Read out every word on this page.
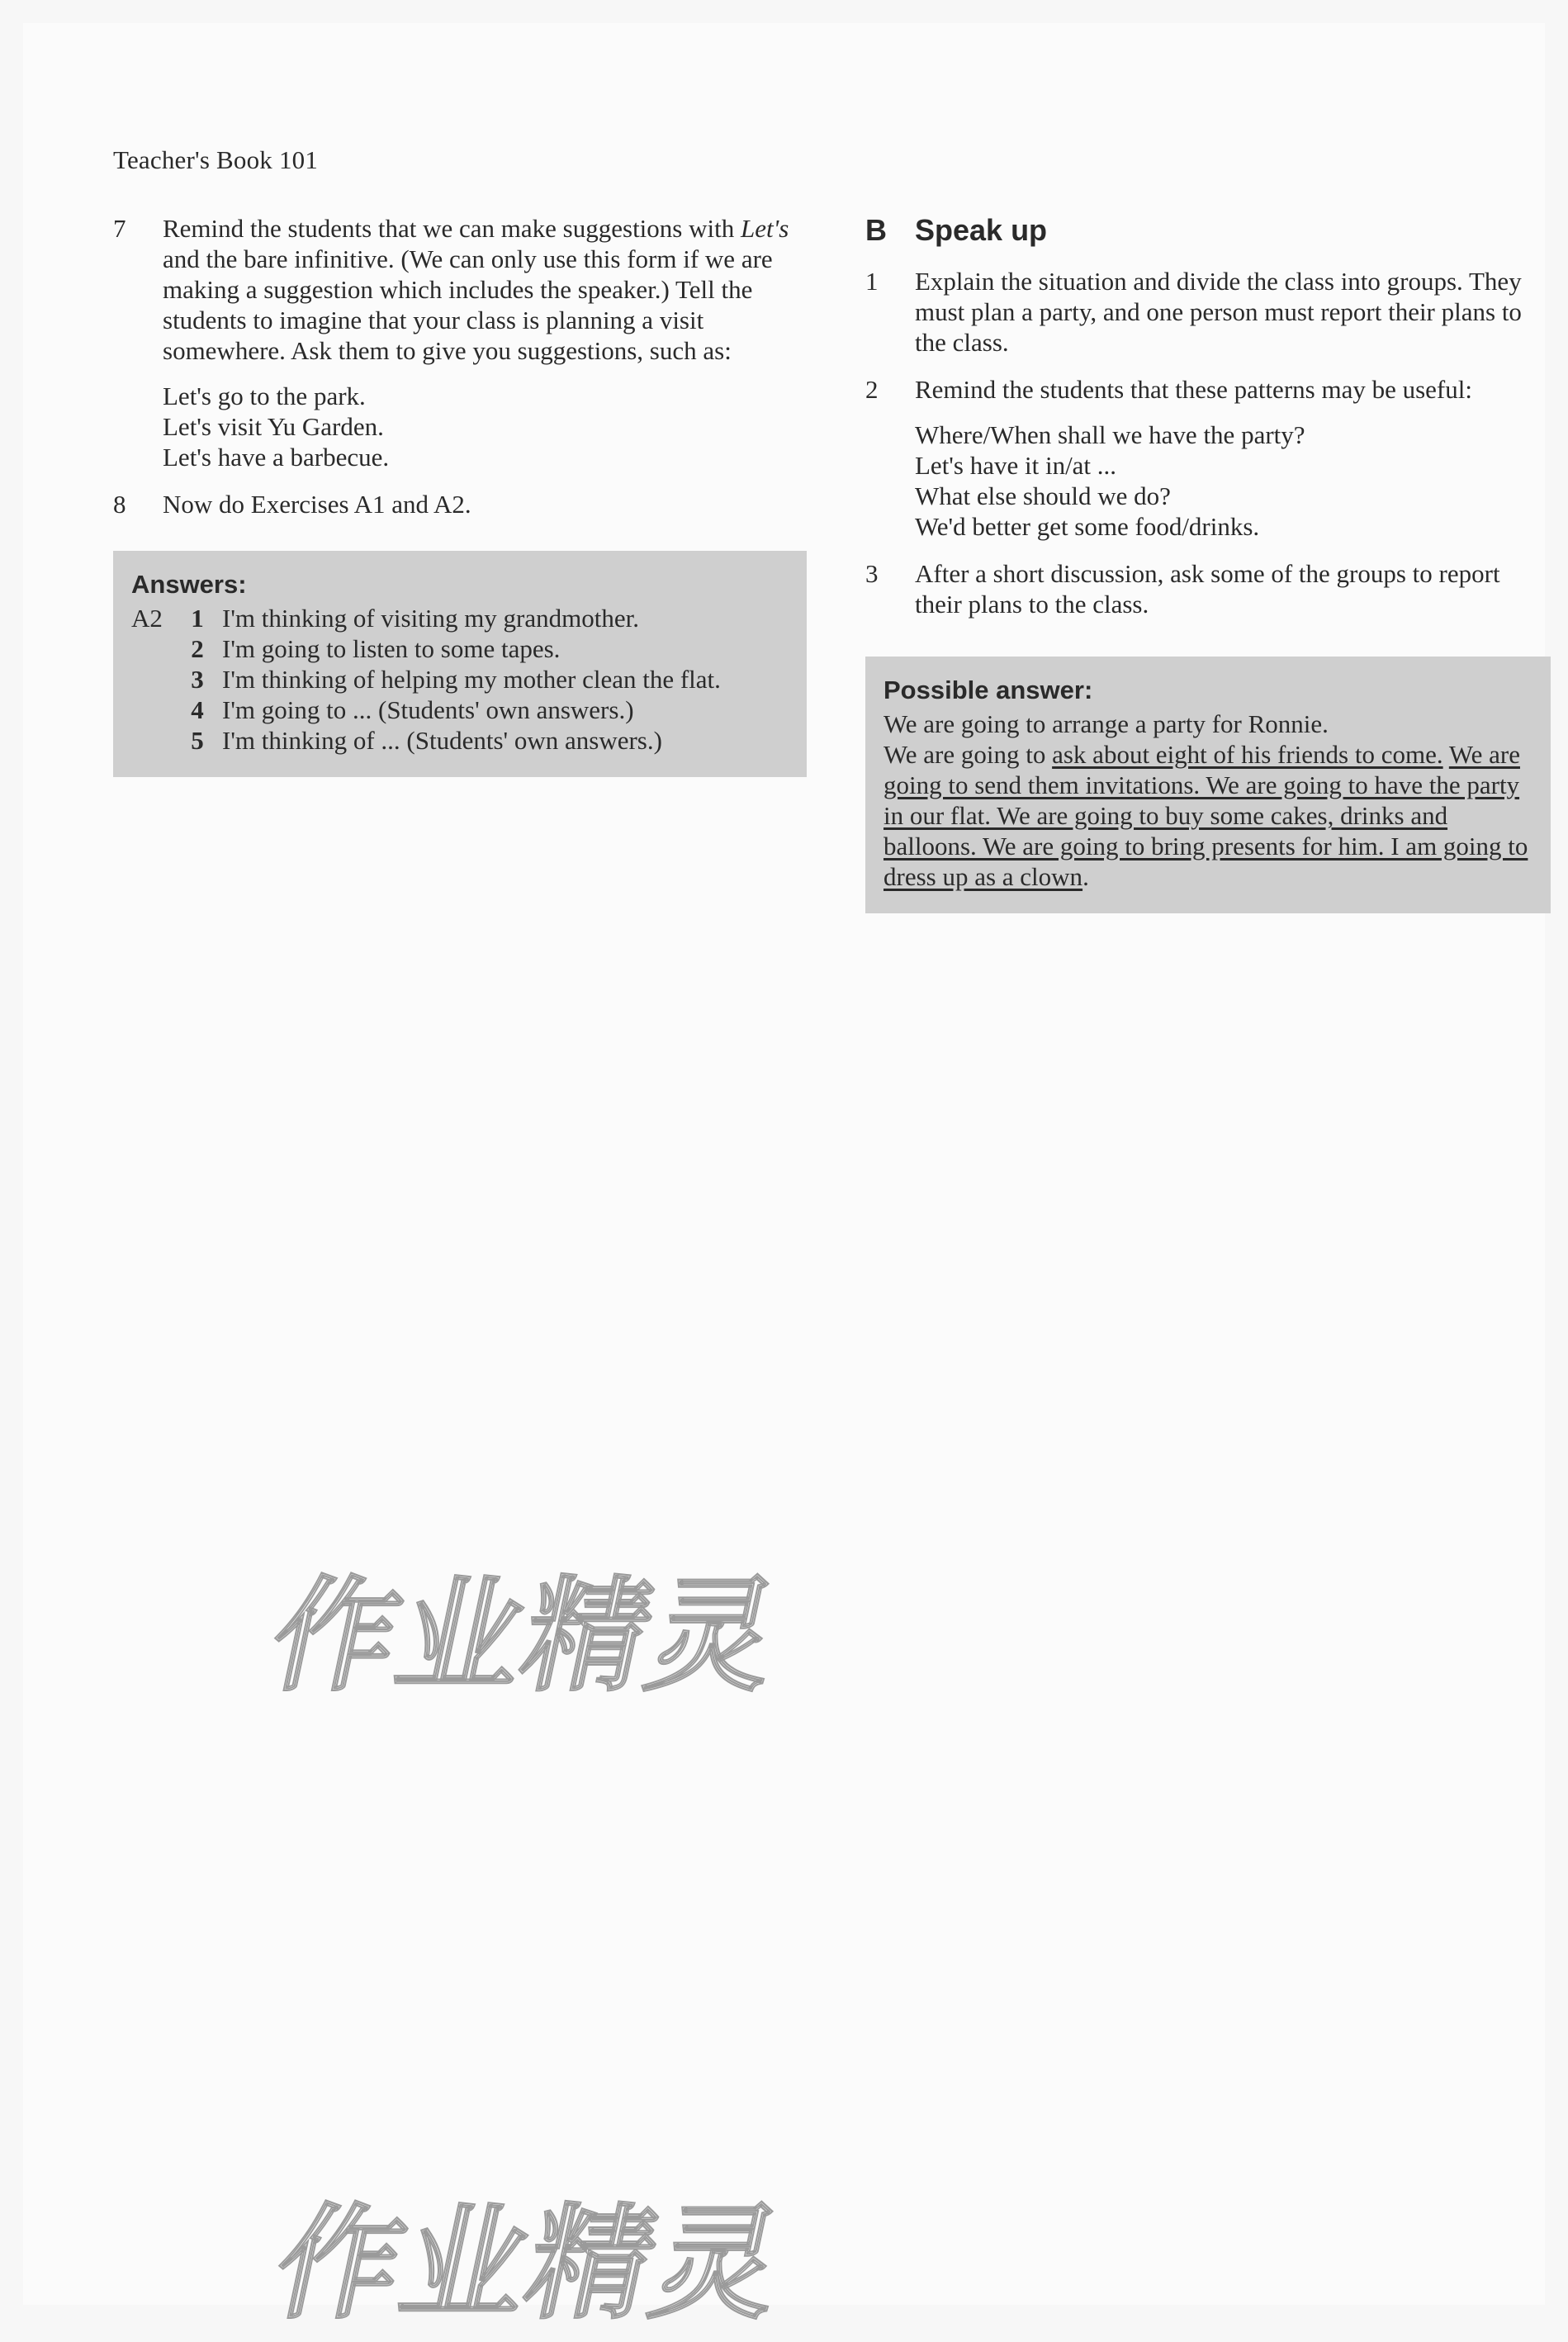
Teacher's Book 101
7	Remind the students that we can make suggestions with Let's and the bare infinitive. (We can only use this form if we are making a suggestion which includes the speaker.) Tell the students to imagine that your class is planning a visit somewhere. Ask them to give you suggestions, such as:

Let's go to the park.
Let's visit Yu Garden.
Let's have a barbecue.

8	Now do Exercises A1 and A2.
Answers:
A2	1 I'm thinking of visiting my grandmother.
2 I'm going to listen to some tapes.
3 I'm thinking of helping my mother clean the flat.
4 I'm going to ... (Students' own answers.)
5 I'm thinking of ... (Students' own answers.)
B Speak up
1	Explain the situation and divide the class into groups. They must plan a party, and one person must report their plans to the class.
2	Remind the students that these patterns may be useful:

Where/When shall we have the party?
Let's have it in/at ...
What else should we do?
We'd better get some food/drinks.

3	After a short discussion, ask some of the groups to report their plans to the class.
Possible answer:
We are going to arrange a party for Ronnie.
We are going to ask about eight of his friends to come. We are going to send them invitations. We are going to have the party in our flat. We are going to buy some cakes, drinks and balloons. We are going to bring presents for him. I am going to dress up as a clown.
作业精灵
作业精灵
